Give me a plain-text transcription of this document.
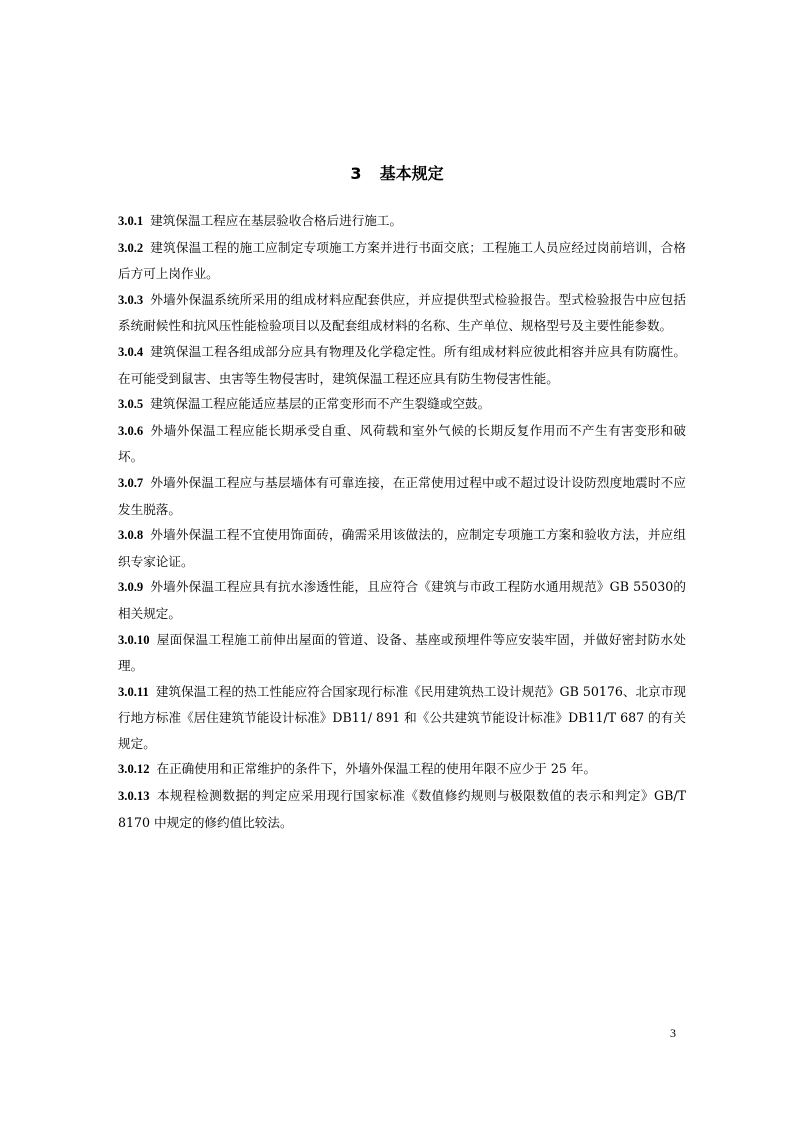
3 基本规定

3.0.1 建筑保温工程应在基层验收合格后进行施工。

3.0.2 建筑保温工程的施工应制定专项施工方案并进行书面交底；工程施工人员应经过岗前培训，合格后方可上岗作业。

3.0.3 外墙外保温系统所采用的组成材料应配套供应，并应提供型式检验报告。型式检验报告中应包括系统耐候性和抗风压性能检验项目以及配套组成材料的名称、生产单位、规格型号及主要性能参数。

3.0.4 建筑保温工程各组成部分应具有物理及化学稳定性。所有组成材料应彼此相容并应具有防腐性。在可能受到鼠害、虫害等生物侵害时，建筑保温工程还应具有防生物侵害性能。

3.0.5 建筑保温工程应能适应基层的正常变形而不产生裂缝或空鼓。

3.0.6 外墙外保温工程应能长期承受自重、风荷载和室外气候的长期反复作用而不产生有害变形和破坏。

3.0.7 外墙外保温工程应与基层墙体有可靠连接，在正常使用过程中或不超过设计设防烈度地震时不应发生脱落。

3.0.8 外墙外保温工程不宜使用饰面砖，确需采用该做法的，应制定专项施工方案和验收方法，并应组织专家论证。

3.0.9 外墙外保温工程应具有抗水渗透性能，且应符合《建筑与市政工程防水通用规范》GB 55030的相关规定。

3.0.10 屋面保温工程施工前伸出屋面的管道、设备、基座或预埋件等应安装牢固，并做好密封防水处理。

3.0.11 建筑保温工程的热工性能应符合国家现行标准《民用建筑热工设计规范》GB 50176、北京市现行地方标准《居住建筑节能设计标准》DB11/ 891 和《公共建筑节能设计标准》DB11/T 687 的有关规定。

3.0.12 在正确使用和正常维护的条件下，外墙外保温工程的使用年限不应少于 25 年。

3.0.13 本规程检测数据的判定应采用现行国家标准《数值修约规则与极限数值的表示和判定》GB/T 8170 中规定的修约值比较法。

3
